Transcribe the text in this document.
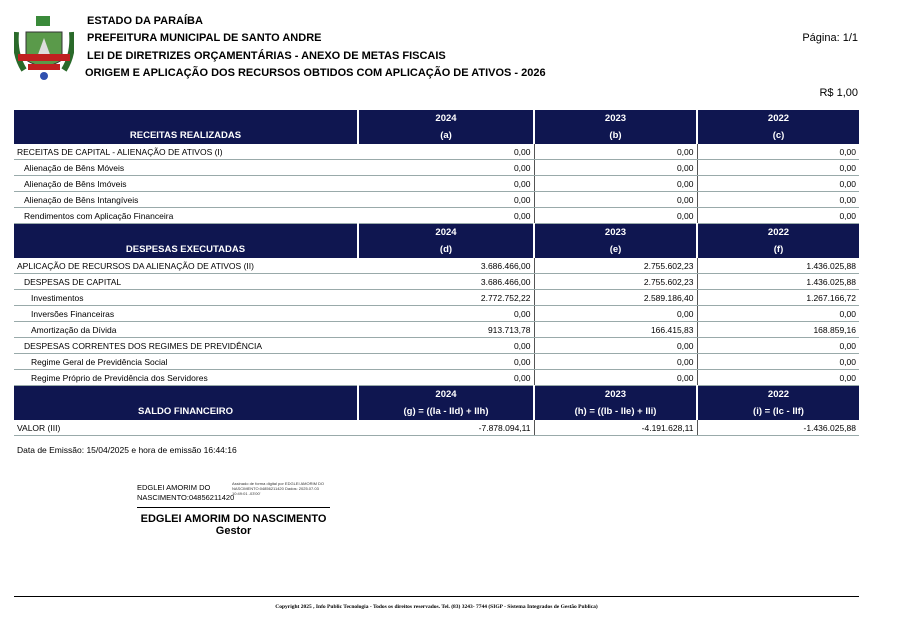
ESTADO DA PARAÍBA
PREFEITURA MUNICIPAL DE SANTO ANDRE
LEI DE DIRETRIZES ORÇAMENTÁRIAS - ANEXO DE METAS FISCAIS
ORIGEM E APLICAÇÃO DOS RECURSOS OBTIDOS COM APLICAÇÃO DE ATIVOS - 2026
Página: 1/1
R$ 1,00
	2024	2023	2022
RECEITAS REALIZADAS	(a)	(b)	(c)
RECEITAS DE CAPITAL - ALIENAÇÃO DE ATIVOS (I)	0,00	0,00	0,00
Alienação de Bêns Móveis	0,00	0,00	0,00
Alienação de Bêns Imóveis	0,00	0,00	0,00
Alienação de Bêns Intangíveis	0,00	0,00	0,00
Rendimentos com Aplicação Financeira	0,00	0,00	0,00
	2024	2023	2022
DESPESAS EXECUTADAS	(d)	(e)	(f)
APLICAÇÃO DE RECURSOS DA ALIENAÇÃO DE ATIVOS (II)	3.686.466,00	2.755.602,23	1.436.025,88
DESPESAS DE CAPITAL	3.686.466,00	2.755.602,23	1.436.025,88
Investimentos	2.772.752,22	2.589.186,40	1.267.166,72
Inversões Financeiras	0,00	0,00	0,00
Amortização da Dívida	913.713,78	166.415,83	168.859,16
DESPESAS CORRENTES DOS REGIMES DE PREVIDÊNCIA	0,00	0,00	0,00
Regime Geral de Previdência Social	0,00	0,00	0,00
Regime Próprio de Previdência dos Servidores	0,00	0,00	0,00
	2024	2023	2022
SALDO FINANCEIRO	(g) = ((Ia - IId) + IIh)	(h) = ((Ib - IIe) + IIi)	(i) = (Ic - IIf)
VALOR (III)	-7.878.094,11	-4.191.628,11	-1.436.025,88
Data de Emissão: 15/04/2025 e hora de emissão 16:44:16
EDGLEI AMORIM DO NASCIMENTO:04856211420
Assinado de forma digital por EDGLEI AMORIM DO NASCIMENTO:04856211420 Dados: 2025.07.03 10:49:01 -03'00'
EDGLEI AMORIM DO NASCIMENTO
Gestor
Copyright 2025 , Info Public Tecnologia - Todos os direitos reservados. Tel. (83) 3243- 7744 (SIGP - Sistema Integrados de Gestão Publica)
